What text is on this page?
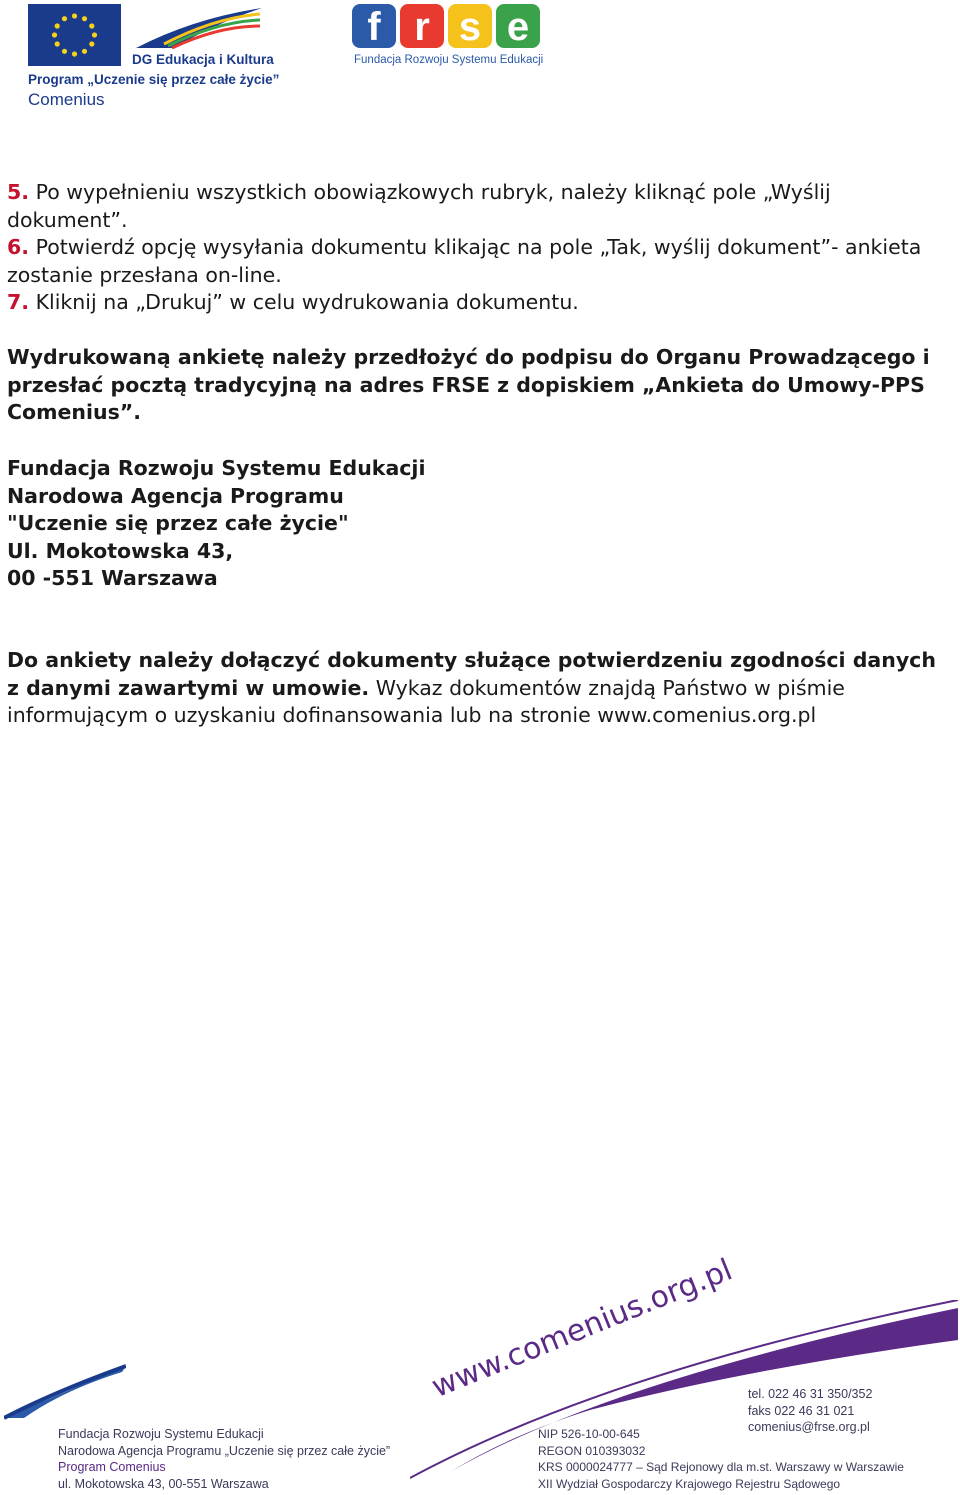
DG Edukacja i Kultura
Program „Uczenie się przez całe życie”
Comenius
f r s e
Fundacja Rozwoju Systemu Edukacji
5. Po wypełnieniu wszystkich obowiązkowych rubryk, należy kliknąć pole „Wyślij dokument”.
6. Potwierdź opcję wysyłania dokumentu klikając na pole „Tak, wyślij dokument”- ankieta zostanie przesłana on-line.
7. Kliknij na „Drukuj” w celu wydrukowania dokumentu.
Wydrukowaną ankietę należy przedłożyć do podpisu do Organu Prowadzącego i przesłać pocztą tradycyjną na adres FRSE z dopiskiem „Ankieta do Umowy-PPS Comenius”.
Fundacja Rozwoju Systemu Edukacji
Narodowa Agencja Programu
"Uczenie się przez całe życie"
Ul. Mokotowska 43,
00 -551 Warszawa
Do ankiety należy dołączyć dokumenty służące potwierdzeniu zgodności danych z danymi zawartymi w umowie. Wykaz dokumentów znajdą Państwo w piśmie informującym o uzyskaniu dofinansowania lub na stronie www.comenius.org.pl
www.comenius.org.pl
Fundacja Rozwoju Systemu Edukacji
Narodowa Agencja Programu „Uczenie się przez całe życie”
Program Comenius
ul. Mokotowska 43, 00-551 Warszawa
tel. 022 46 31 350/352
faks 022 46 31 021
comenius@frse.org.pl
NIP 526-10-00-645
REGON 010393032
KRS 0000024777 – Sąd Rejonowy dla m.st. Warszawy w Warszawie
XII Wydział Gospodarczy Krajowego Rejestru Sądowego
